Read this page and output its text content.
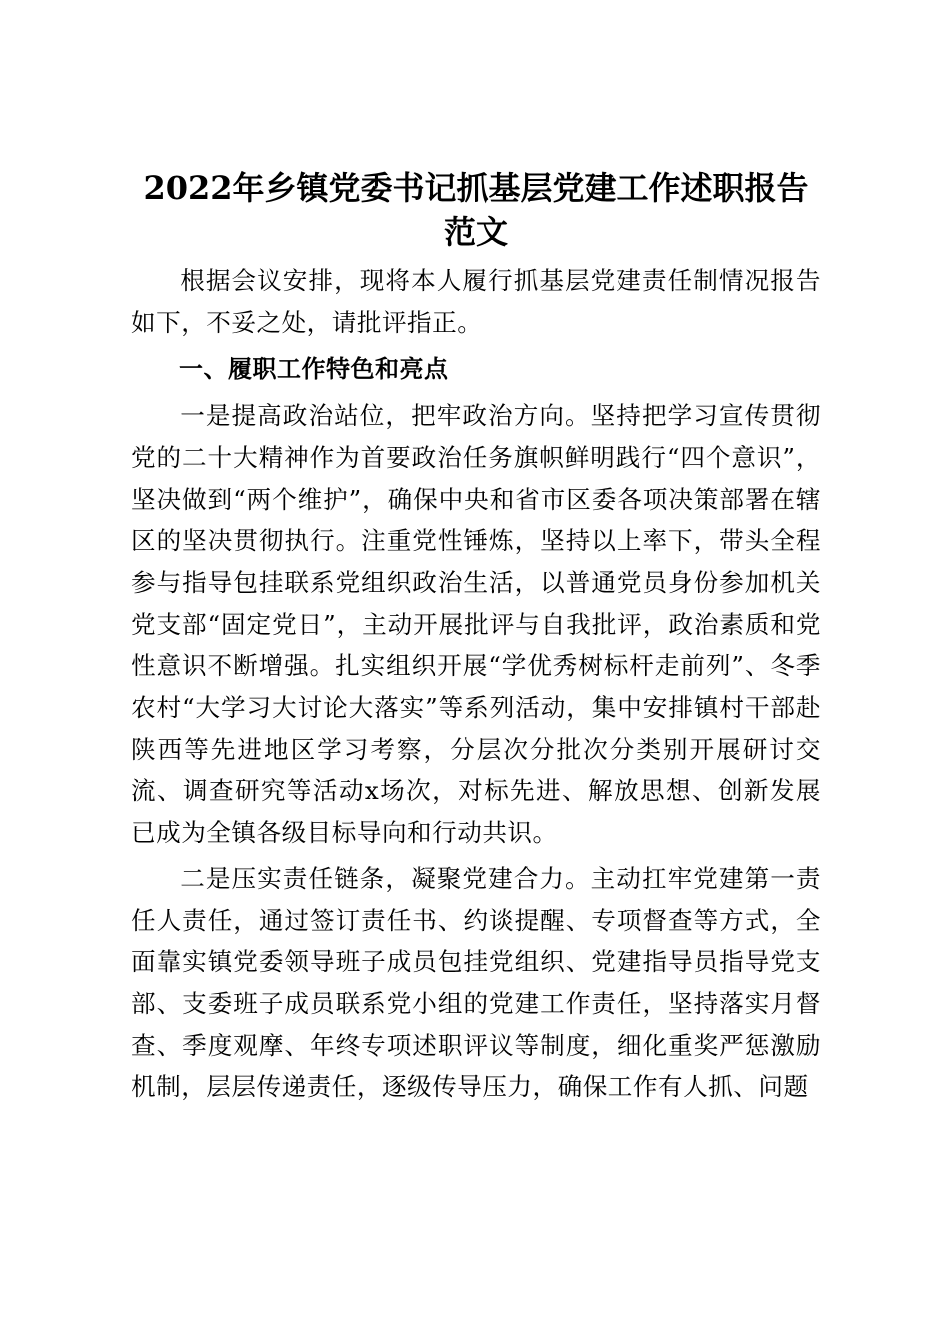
2022年乡镇党委书记抓基层党建工作述职报告范文

根据会议安排，现将本人履行抓基层党建责任制情况报告如下，不妥之处，请批评指正。

一、履职工作特色和亮点

一是提高政治站位，把牢政治方向。坚持把学习宣传贯彻党的二十大精神作为首要政治任务旗帜鲜明践行“四个意识”，坚决做到“两个维护”，确保中央和省市区委各项决策部署在辖区的坚决贯彻执行。注重党性锤炼，坚持以上率下，带头全程参与指导包挂联系党组织政治生活，以普通党员身份参加机关党支部“固定党日”，主动开展批评与自我批评，政治素质和党性意识不断增强。扎实组织开展“学优秀树标杆走前列”、冬季农村“大学习大讨论大落实”等系列活动，集中安排镇村干部赴陕西等先进地区学习考察，分层次分批次分类别开展研讨交流、调查研究等活动x场次，对标先进、解放思想、创新发展已成为全镇各级目标导向和行动共识。

二是压实责任链条，凝聚党建合力。主动扛牢党建第一责任人责任，通过签订责任书、约谈提醒、专项督查等方式，全面靠实镇党委领导班子成员包挂党组织、党建指导员指导党支部、支委班子成员联系党小组的党建工作责任，坚持落实月督查、季度观摩、年终专项述职评议等制度，细化重奖严惩激励机制，层层传递责任，逐级传导压力，确保工作有人抓、问题
